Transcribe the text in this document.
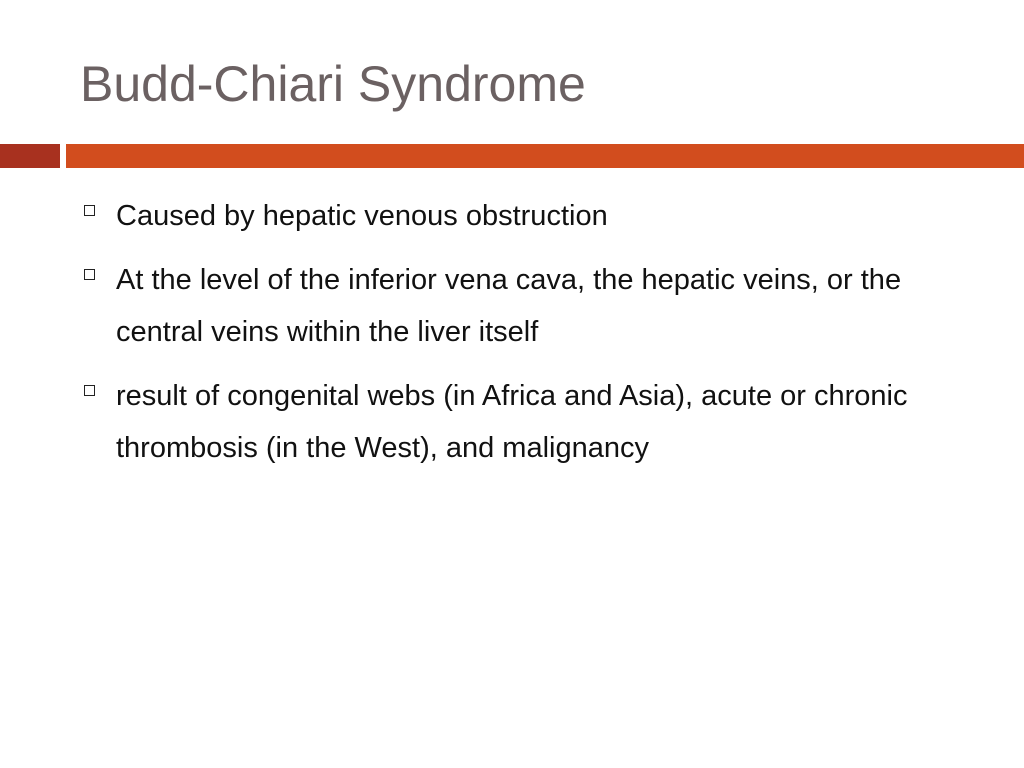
Budd-Chiari Syndrome
Caused by hepatic venous obstruction
At the level of the inferior vena cava, the hepatic veins, or the central veins within the liver itself
result of congenital webs (in Africa and Asia), acute or chronic thrombosis (in the West), and malignancy
